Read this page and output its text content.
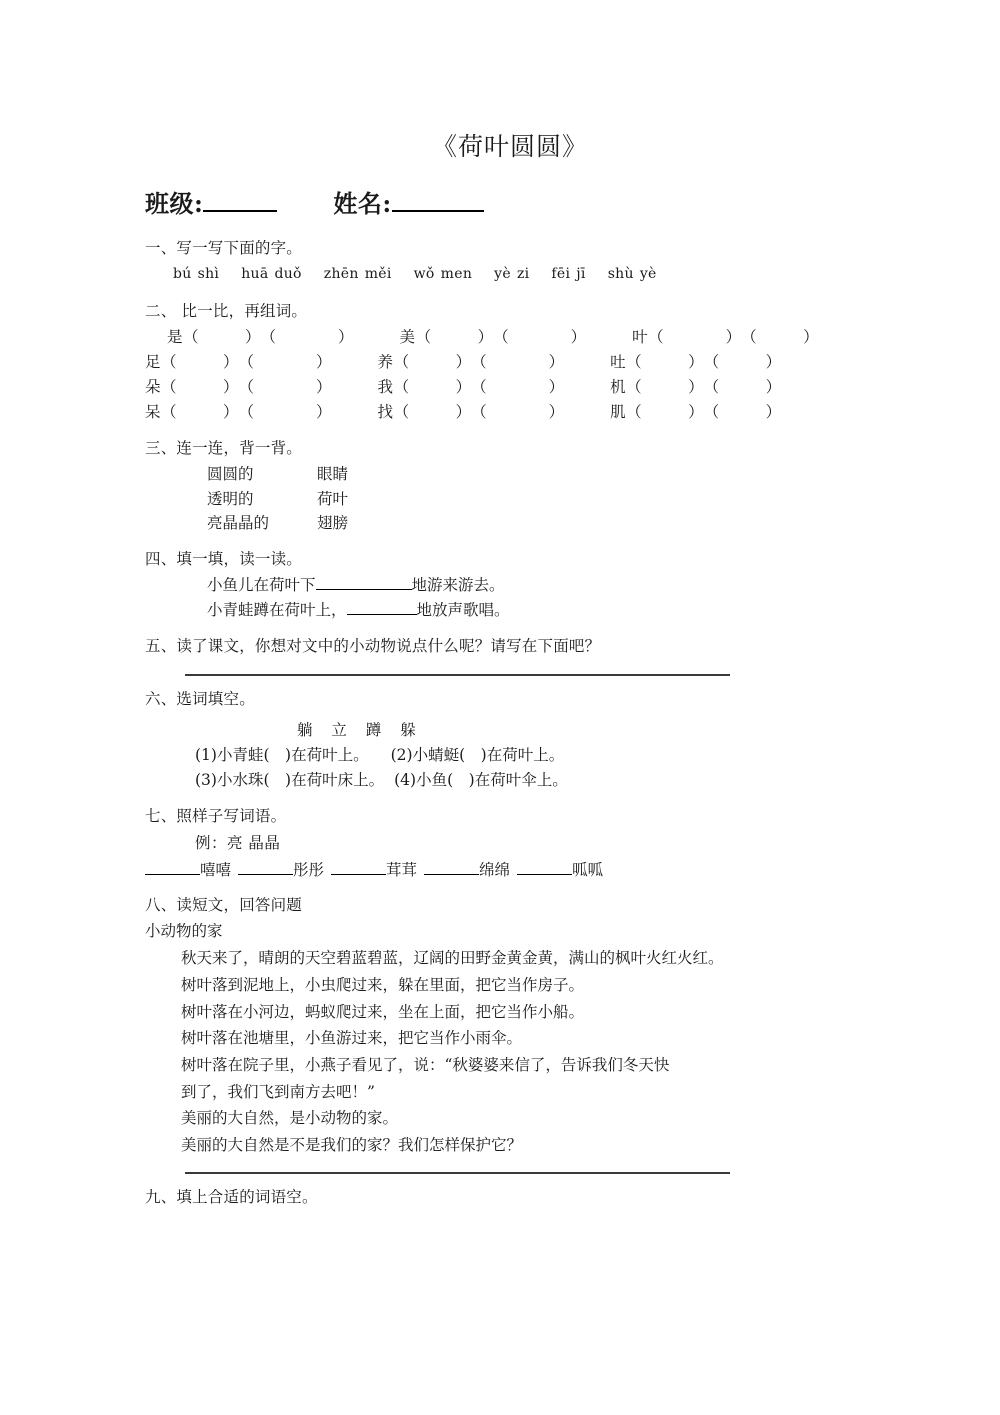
《荷叶圆圆》
班级:	姓名:
一、写一写下面的字。
bú shì huā duǒ zhēn měi wǒ men yè zi fēi jī shù yè
二、 比一比，再组词。
是（　　　）（　　　　）	美（　　　）（　　　　）	叶（　　　　）（　　　）
足（　　　）（　　　　）	养（　　　）（　　　　）	吐（　　　）（　　　）
朵（　　　）（　　　　）	我（　　　）（　　　　）	机（　　　）（　　　）
呆（　　　）（　　　　）	找（　　　）（　　　　）	肌（　　　）（　　　）
三、连一连，背一背。
圆圆的	眼睛
透明的	荷叶
亮晶晶的	翅膀
四、填一填，读一读。
小鱼儿在荷叶下	地游来游去。
小青蛙蹲在荷叶上，	地放声歌唱。
五、读了课文，你想对文中的小动物说点什么呢？请写在下面吧？
六、选词填空。
躺 立 蹲 躲
(1)小青蛙(　 )在荷叶上。 (2)小蜻蜓(　 )在荷叶上。
(3)小水珠(　 )在荷叶床上。 (4)小鱼(　 )在荷叶伞上。
七、照样子写词语。
例：亮 晶晶
嘻嘻	彤彤	茸茸	绵绵	呱呱
八、读短文，回答问题
小动物的家

秋天来了，晴朗的天空碧蓝碧蓝，辽阔的田野金黄金黄，满山的枫叶火红火红。

树叶落到泥地上，小虫爬过来，躲在里面，把它当作房子。

树叶落在小河边，蚂蚁爬过来，坐在上面，把它当作小船。

树叶落在池塘里，小鱼游过来，把它当作小雨伞。

树叶落在院子里，小燕子看见了，说：“秋婆婆来信了，告诉我们冬天快

到了，我们飞到南方去吧！”

美丽的大自然，是小动物的家。

美丽的大自然是不是我们的家？我们怎样保护它？

九、填上合适的词语空。
